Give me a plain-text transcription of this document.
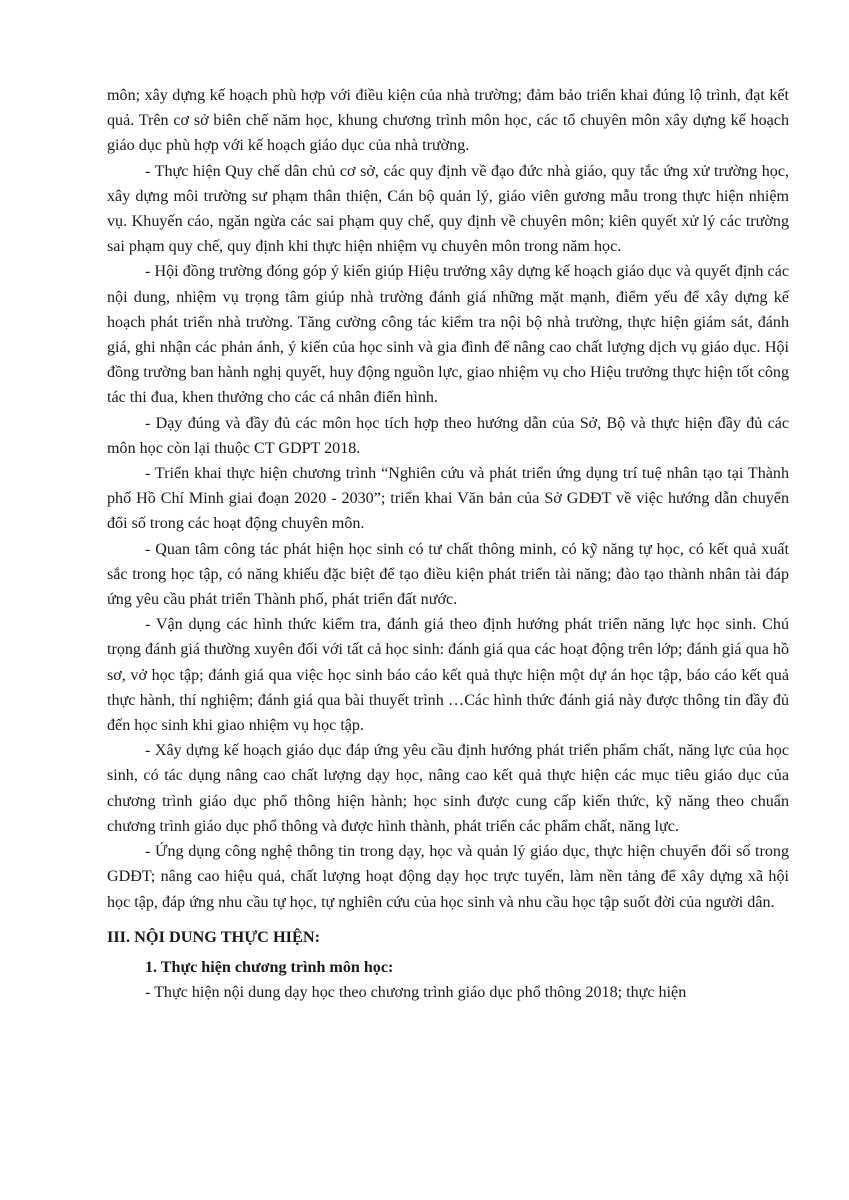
môn; xây dựng kế hoạch phù hợp với điều kiện của nhà trường; đảm bảo triển khai đúng lộ trình, đạt kết quả. Trên cơ sở biên chế năm học, khung chương trình môn học, các tổ chuyên môn xây dựng kế hoạch giáo dục phù hợp với kế hoạch giáo dục của nhà trường.

- Thực hiện Quy chế dân chủ cơ sở, các quy định về đạo đức nhà giáo, quy tắc ứng xử trường học, xây dựng môi trường sư phạm thân thiện, Cán bộ quản lý, giáo viên gương mẫu trong thực hiện nhiệm vụ. Khuyến cáo, ngăn ngừa các sai phạm quy chế, quy định về chuyên môn; kiên quyết xử lý các trường sai phạm quy chế, quy định khi thực hiện nhiệm vụ chuyên môn trong năm học.

- Hội đồng trường đóng góp ý kiến giúp Hiệu trưởng xây dựng kế hoạch giáo dục và quyết định các nội dung, nhiệm vụ trọng tâm giúp nhà trường đánh giá những mặt mạnh, điểm yếu để xây dựng kế hoạch phát triển nhà trường. Tăng cường công tác kiểm tra nội bộ nhà trường, thực hiện giám sát, đánh giá, ghi nhận các phản ánh, ý kiến của học sinh và gia đình để nâng cao chất lượng dịch vụ giáo dục. Hội đồng trường ban hành nghị quyết, huy động nguồn lực, giao nhiệm vụ cho Hiệu trưởng thực hiện tốt công tác thi đua, khen thưởng cho các cá nhân điển hình.

- Dạy đúng và đầy đủ các môn học tích hợp theo hướng dẫn của Sở, Bộ và thực hiện đầy đủ các môn học còn lại thuộc CT GDPT 2018.

- Triển khai thực hiện chương trình “Nghiên cứu và phát triển ứng dụng trí tuệ nhân tạo tại Thành phố Hồ Chí Minh giai đoạn 2020 - 2030”; triển khai Văn bản của Sở GDĐT về việc hướng dẫn chuyển đổi số trong các hoạt động chuyên môn.

- Quan tâm công tác phát hiện học sinh có tư chất thông minh, có kỹ năng tự học, có kết quả xuất sắc trong học tập, có năng khiếu đặc biệt để tạo điều kiện phát triển tài năng; đào tạo thành nhân tài đáp ứng yêu cầu phát triển Thành phố, phát triển đất nước.

- Vận dụng các hình thức kiểm tra, đánh giá theo định hướng phát triển năng lực học sinh. Chú trọng đánh giá thường xuyên đối với tất cả học sinh: đánh giá qua các hoạt động trên lớp; đánh giá qua hồ sơ, vở học tập; đánh giá qua việc học sinh báo cáo kết quả thực hiện một dự án học tập, báo cáo kết quả thực hành, thí nghiệm; đánh giá qua bài thuyết trình …Các hình thức đánh giá này được thông tin đầy đủ đến học sinh khi giao nhiệm vụ học tập.

- Xây dựng kế hoạch giáo dục đáp ứng yêu cầu định hướng phát triển phẩm chất, năng lực của học sinh, có tác dụng nâng cao chất lượng dạy học, nâng cao kết quả thực hiện các mục tiêu giáo dục của chương trình giáo dục phổ thông hiện hành; học sinh được cung cấp kiến thức, kỹ năng theo chuẩn chương trình giáo dục phổ thông và được hình thành, phát triển các phẩm chất, năng lực.

- Ứng dụng công nghệ thông tin trong dạy, học và quản lý giáo dục, thực hiện chuyển đổi số trong GDĐT; nâng cao hiệu quả, chất lượng hoạt động dạy học trực tuyến, làm nền tảng để xây dựng xã hội học tập, đáp ứng nhu cầu tự học, tự nghiên cứu của học sinh và nhu cầu học tập suốt đời của người dân.

III. NỘI DUNG THỰC HIỆN:

1. Thực hiện chương trình môn học:

- Thực hiện nội dung dạy học theo chương trình giáo dục phổ thông 2018; thực hiện
